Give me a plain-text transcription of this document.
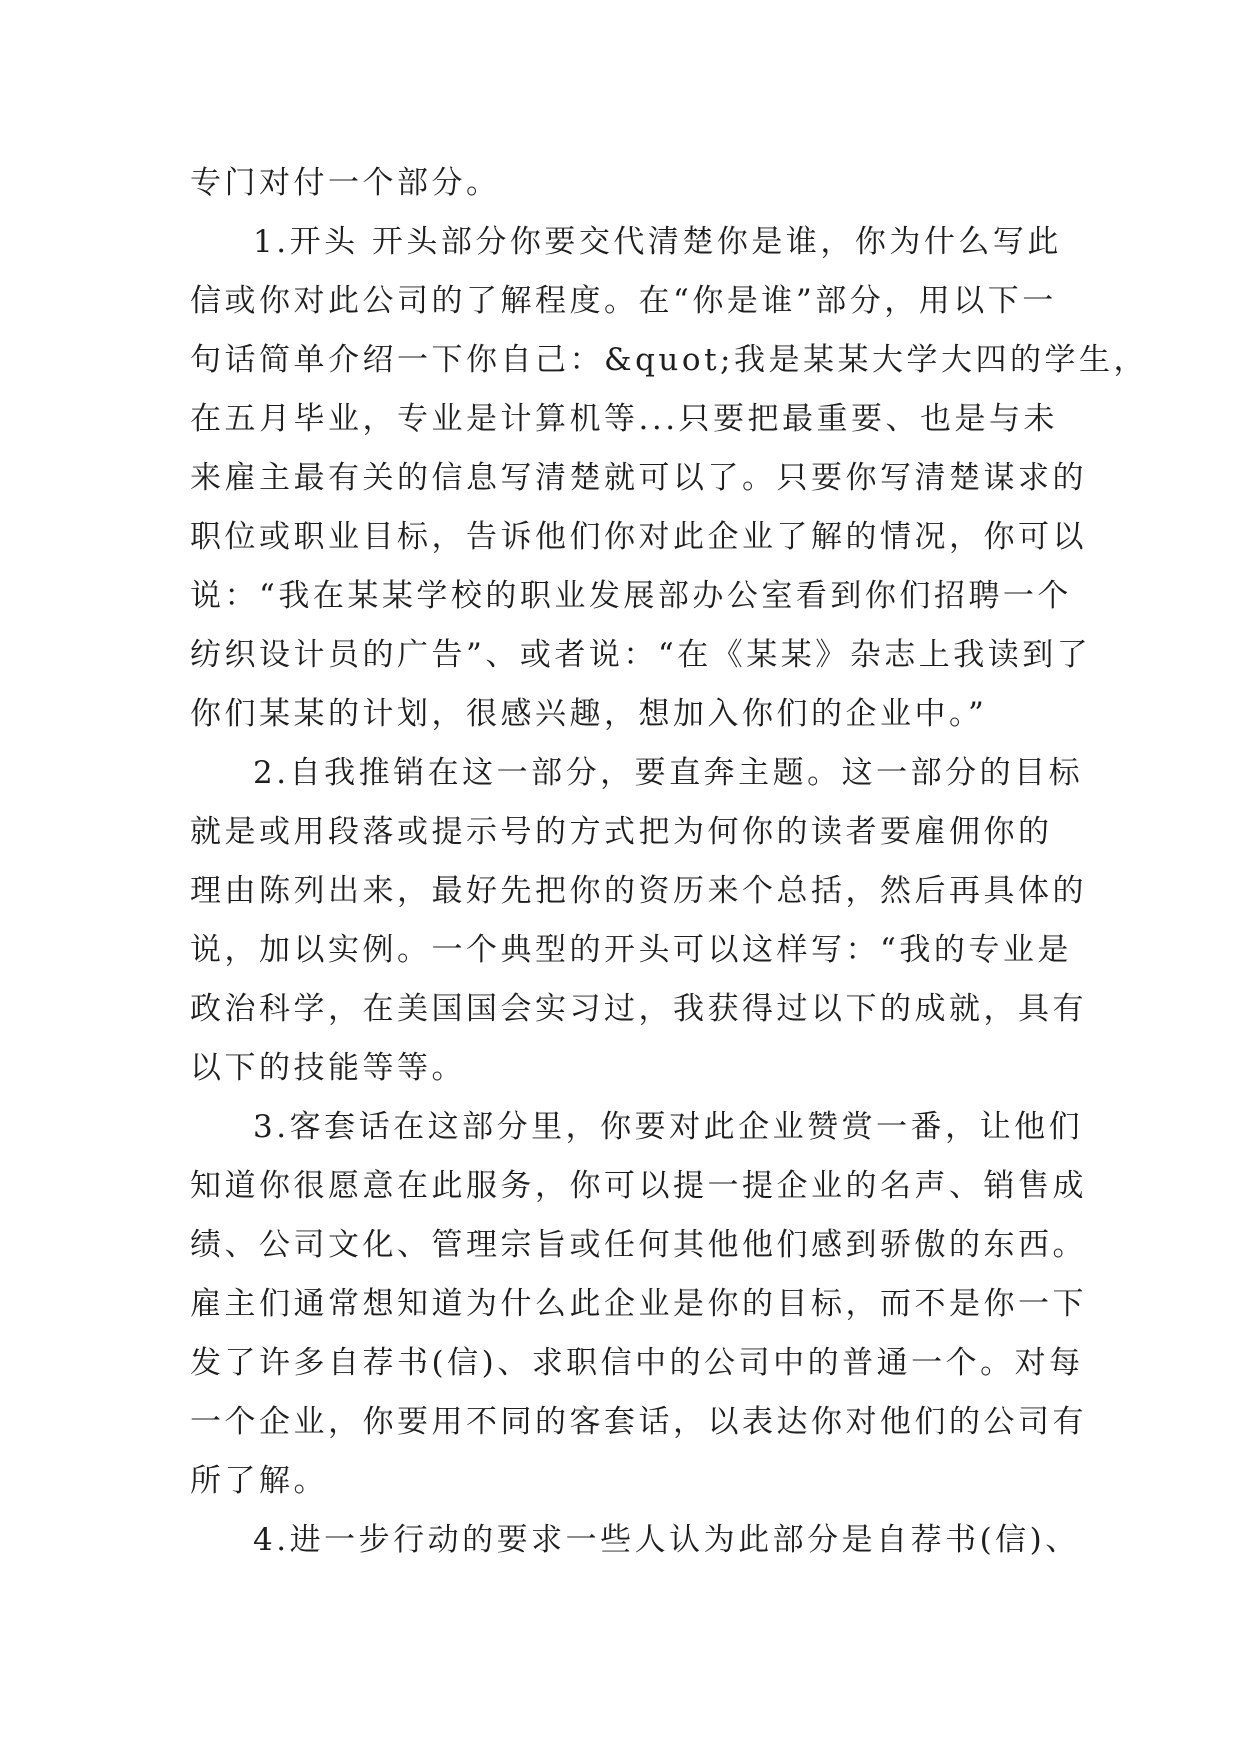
专门对付一个部分。
1.开头 开头部分你要交代清楚你是谁，你为什么写此
信或你对此公司的了解程度。在“你是谁”部分，用以下一
句话简单介绍一下你自己：&quot;我是某某大学大四的学生，
在五月毕业，专业是计算机等...只要把最重要、也是与未
来雇主最有关的信息写清楚就可以了。只要你写清楚谋求的
职位或职业目标，告诉他们你对此企业了解的情况，你可以
说：“我在某某学校的职业发展部办公室看到你们招聘一个
纺织设计员的广告”、或者说：“在《某某》杂志上我读到了
你们某某的计划，很感兴趣，想加入你们的企业中。”
2.自我推销在这一部分，要直奔主题。这一部分的目标
就是或用段落或提示号的方式把为何你的读者要雇佣你的
理由陈列出来，最好先把你的资历来个总括，然后再具体的
说，加以实例。一个典型的开头可以这样写：“我的专业是
政治科学，在美国国会实习过，我获得过以下的成就，具有
以下的技能等等。
3.客套话在这部分里，你要对此企业赞赏一番，让他们
知道你很愿意在此服务，你可以提一提企业的名声、销售成
绩、公司文化、管理宗旨或任何其他他们感到骄傲的东西。
雇主们通常想知道为什么此企业是你的目标，而不是你一下
发了许多自荐书(信)、求职信中的公司中的普通一个。对每
一个企业，你要用不同的客套话，以表达你对他们的公司有
所了解。
4.进一步行动的要求一些人认为此部分是自荐书(信)、
